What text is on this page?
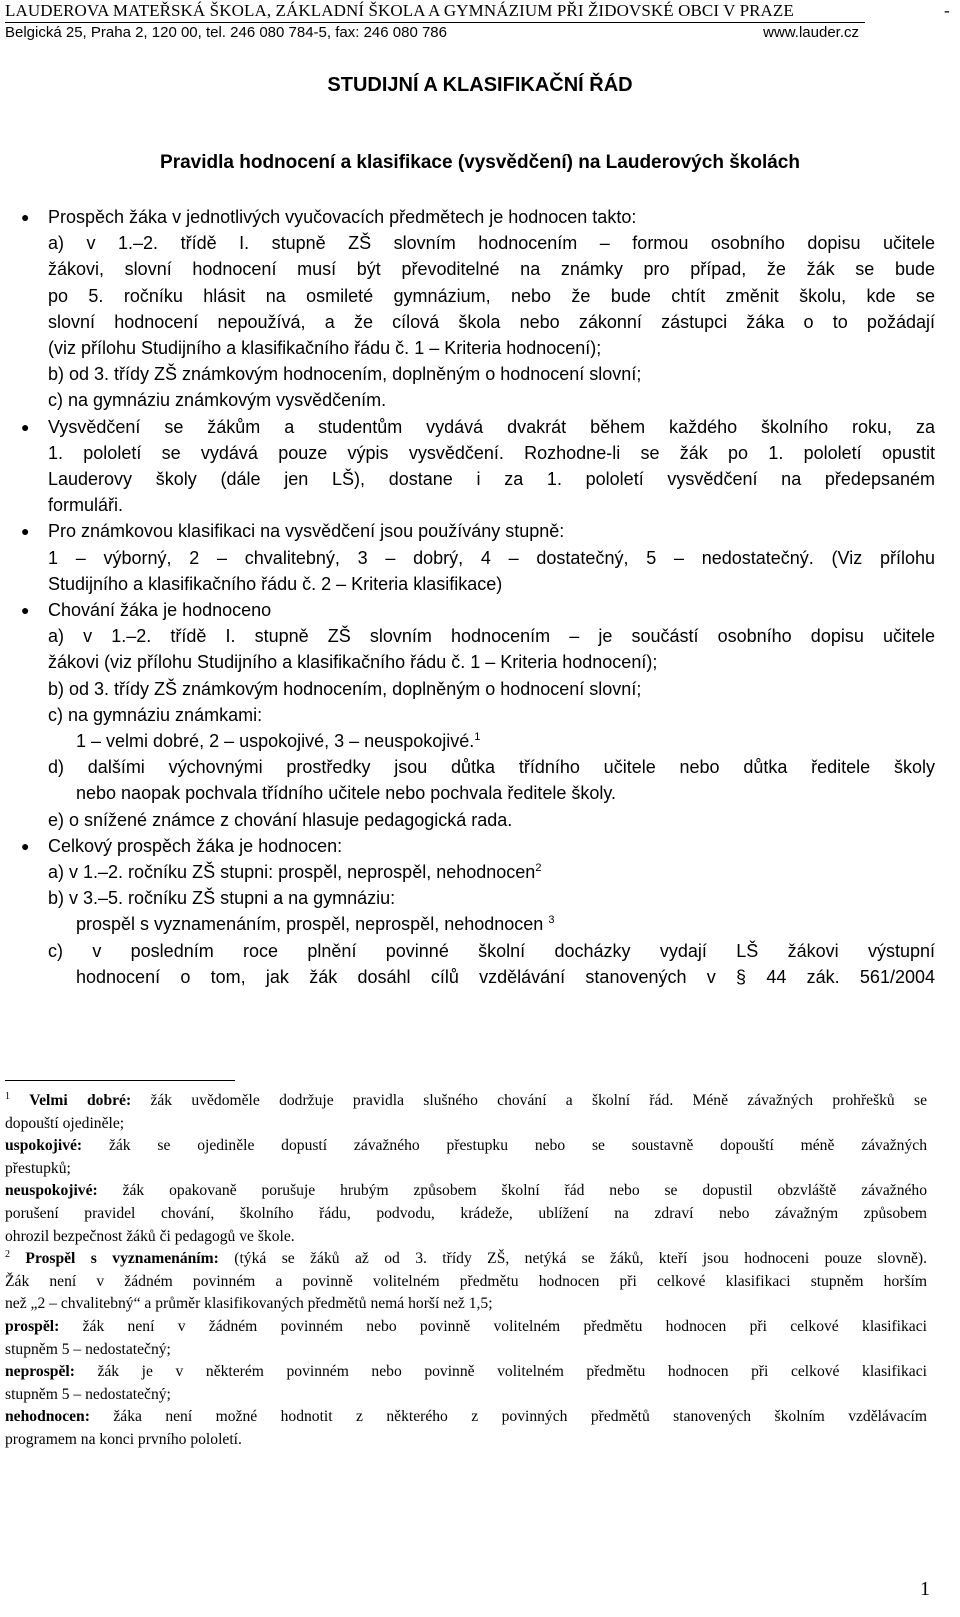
LAUDEROVA MATEŘSKÁ ŠKOLA, ZÁKLADNÍ ŠKOLA A GYMNÁZIUM PŘI ŽIDOVSKÉ OBCI V PRAZE	-
Belgická 25, Praha 2, 120 00, tel. 246 080 784-5, fax: 246 080 786	www.lauder.cz
STUDIJNÍ A KLASIFIKAČNÍ ŘÁD
Pravidla hodnocení a klasifikace (vysvědčení) na Lauderových školách
● Prospěch žáka v jednotlivých vyučovacích předmětech je hodnocen takto:
a) v 1.–2. třídě I. stupně ZŠ slovním hodnocením – formou osobního dopisu učitele
žákovi, slovní hodnocení musí být převoditelné na známky pro případ, že žák se bude
po 5. ročníku hlásit na osmileté gymnázium, nebo že bude chtít změnit školu, kde se
slovní hodnocení nepoužívá, a že cílová škola nebo zákonní zástupci žáka o to požádají
(viz přílohu Studijního a klasifikačního řádu č. 1 – Kriteria hodnocení);
b) od 3. třídy ZŠ známkovým hodnocením, doplněným o hodnocení slovní;
c) na gymnáziu známkovým vysvědčením.
● Vysvědčení se žákům a studentům vydává dvakrát během každého školního roku, za
1. pololetí se vydává pouze výpis vysvědčení. Rozhodne-li se žák po 1. pololetí opustit
Lauderovy školy (dále jen LŠ), dostane i za 1. pololetí vysvědčení na předepsaném
formuláři.
● Pro známkovou klasifikaci na vysvědčení jsou používány stupně:
1 – výborný, 2 – chvalitebný, 3 – dobrý, 4 – dostatečný, 5 – nedostatečný. (Viz přílohu
Studijního a klasifikačního řádu č. 2 – Kriteria klasifikace)
● Chování žáka je hodnoceno
a) v 1.–2. třídě I. stupně ZŠ slovním hodnocením – je součástí osobního dopisu učitele
žákovi (viz přílohu Studijního a klasifikačního řádu č. 1 – Kriteria hodnocení);
b) od 3. třídy ZŠ známkovým hodnocením, doplněným o hodnocení slovní;
c) na gymnáziu známkami:
1 – velmi dobré, 2 – uspokojivé, 3 – neuspokojivé.$^1$
d) dalšími výchovnými prostředky jsou důtka třídního učitele nebo důtka ředitele školy
nebo naopak pochvala třídního učitele nebo pochvala ředitele školy.
e) o snížené známce z chování hlasuje pedagogická rada.
● Celkový prospěch žáka je hodnocen:
a) v 1.–2. ročníku ZŠ stupni: prospěl, neprospěl, nehodnocen$^2$
b) v 3.–5. ročníku ZŠ stupni a na gymnáziu:
prospěl s vyznamenáním, prospěl, neprospěl, nehodnocen $^3$
c) v posledním roce plnění povinné školní docházky vydají LŠ žákovi výstupní
hodnocení o tom, jak žák dosáhl cílů vzdělávání stanovených v § 44 zák. 561/2004
$^1$ Velmi dobré: žák uvědoměle dodržuje pravidla slušného chování a školní řád. Méně závažných prohřešků se
dopouští ojediněle;
uspokojivé: žák se ojediněle dopustí závažného přestupku nebo se soustavně dopouští méně závažných
přestupků;
neuspokojivé: žák opakovaně porušuje hrubým způsobem školní řád nebo se dopustil obzvláště závažného
porušení pravidel chování, školního řádu, podvodu, krádeže, ublížení na zdraví nebo závažným způsobem
ohrozil bezpečnost žáků či pedagogů ve škole.
$^2$ Prospěl s vyznamenáním: (týká se žáků až od 3. třídy ZŠ, netýká se žáků, kteří jsou hodnoceni pouze slovně).
Žák není v žádném povinném a povinně volitelném předmětu hodnocen při celkové klasifikaci stupněm horším
než „2 – chvalitebný“ a průměr klasifikovaných předmětů nemá horší než 1,5;
prospěl: žák není v žádném povinném nebo povinně volitelném předmětu hodnocen při celkové klasifikaci
stupněm 5 – nedostatečný;
neprospěl: žák je v některém povinném nebo povinně volitelném předmětu hodnocen při celkové klasifikaci
stupněm 5 – nedostatečný;
nehodnocen: žáka není možné hodnotit z některého z povinných předmětů stanovených školním vzdělávacím
programem na konci prvního pololetí.
1
